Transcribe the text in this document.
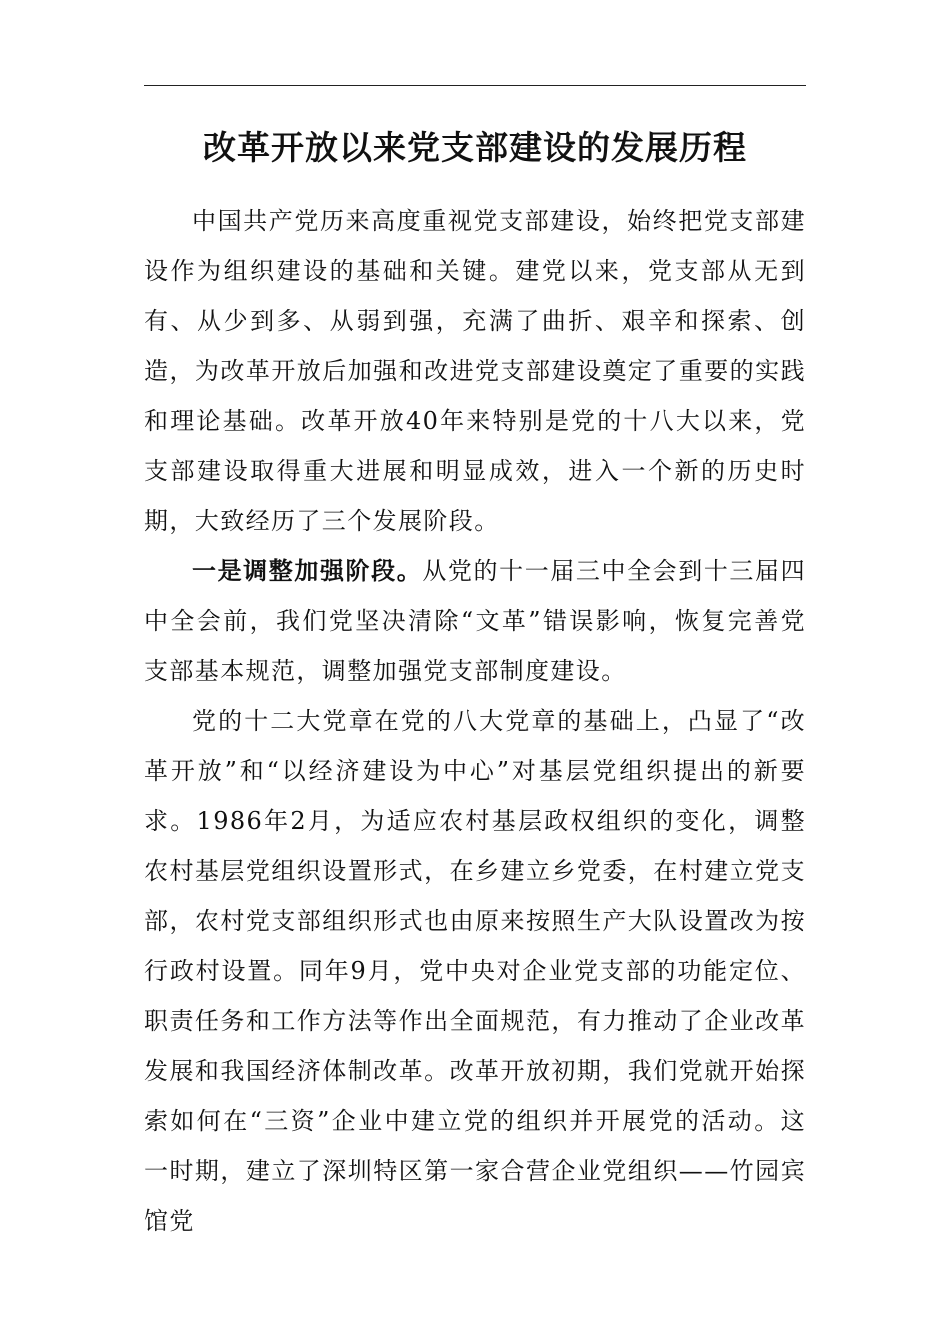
改革开放以来党支部建设的发展历程

中国共产党历来高度重视党支部建设，始终把党支部建设作为组织建设的基础和关键。建党以来，党支部从无到有、从少到多、从弱到强，充满了曲折、艰辛和探索、创造，为改革开放后加强和改进党支部建设奠定了重要的实践和理论基础。改革开放40年来特别是党的十八大以来，党支部建设取得重大进展和明显成效，进入一个新的历史时期，大致经历了三个发展阶段。

一是调整加强阶段。从党的十一届三中全会到十三届四中全会前，我们党坚决清除“文革”错误影响，恢复完善党支部基本规范，调整加强党支部制度建设。

党的十二大党章在党的八大党章的基础上，凸显了“改革开放”和“以经济建设为中心”对基层党组织提出的新要求。1986年2月，为适应农村基层政权组织的变化，调整农村基层党组织设置形式，在乡建立乡党委，在村建立党支部，农村党支部组织形式也由原来按照生产大队设置改为按行政村设置。同年9月，党中央对企业党支部的功能定位、职责任务和工作方法等作出全面规范，有力推动了企业改革发展和我国经济体制改革。改革开放初期，我们党就开始探索如何在“三资”企业中建立党的组织并开展党的活动。这一时期，建立了深圳特区第一家合营企业党组织——竹园宾馆党
